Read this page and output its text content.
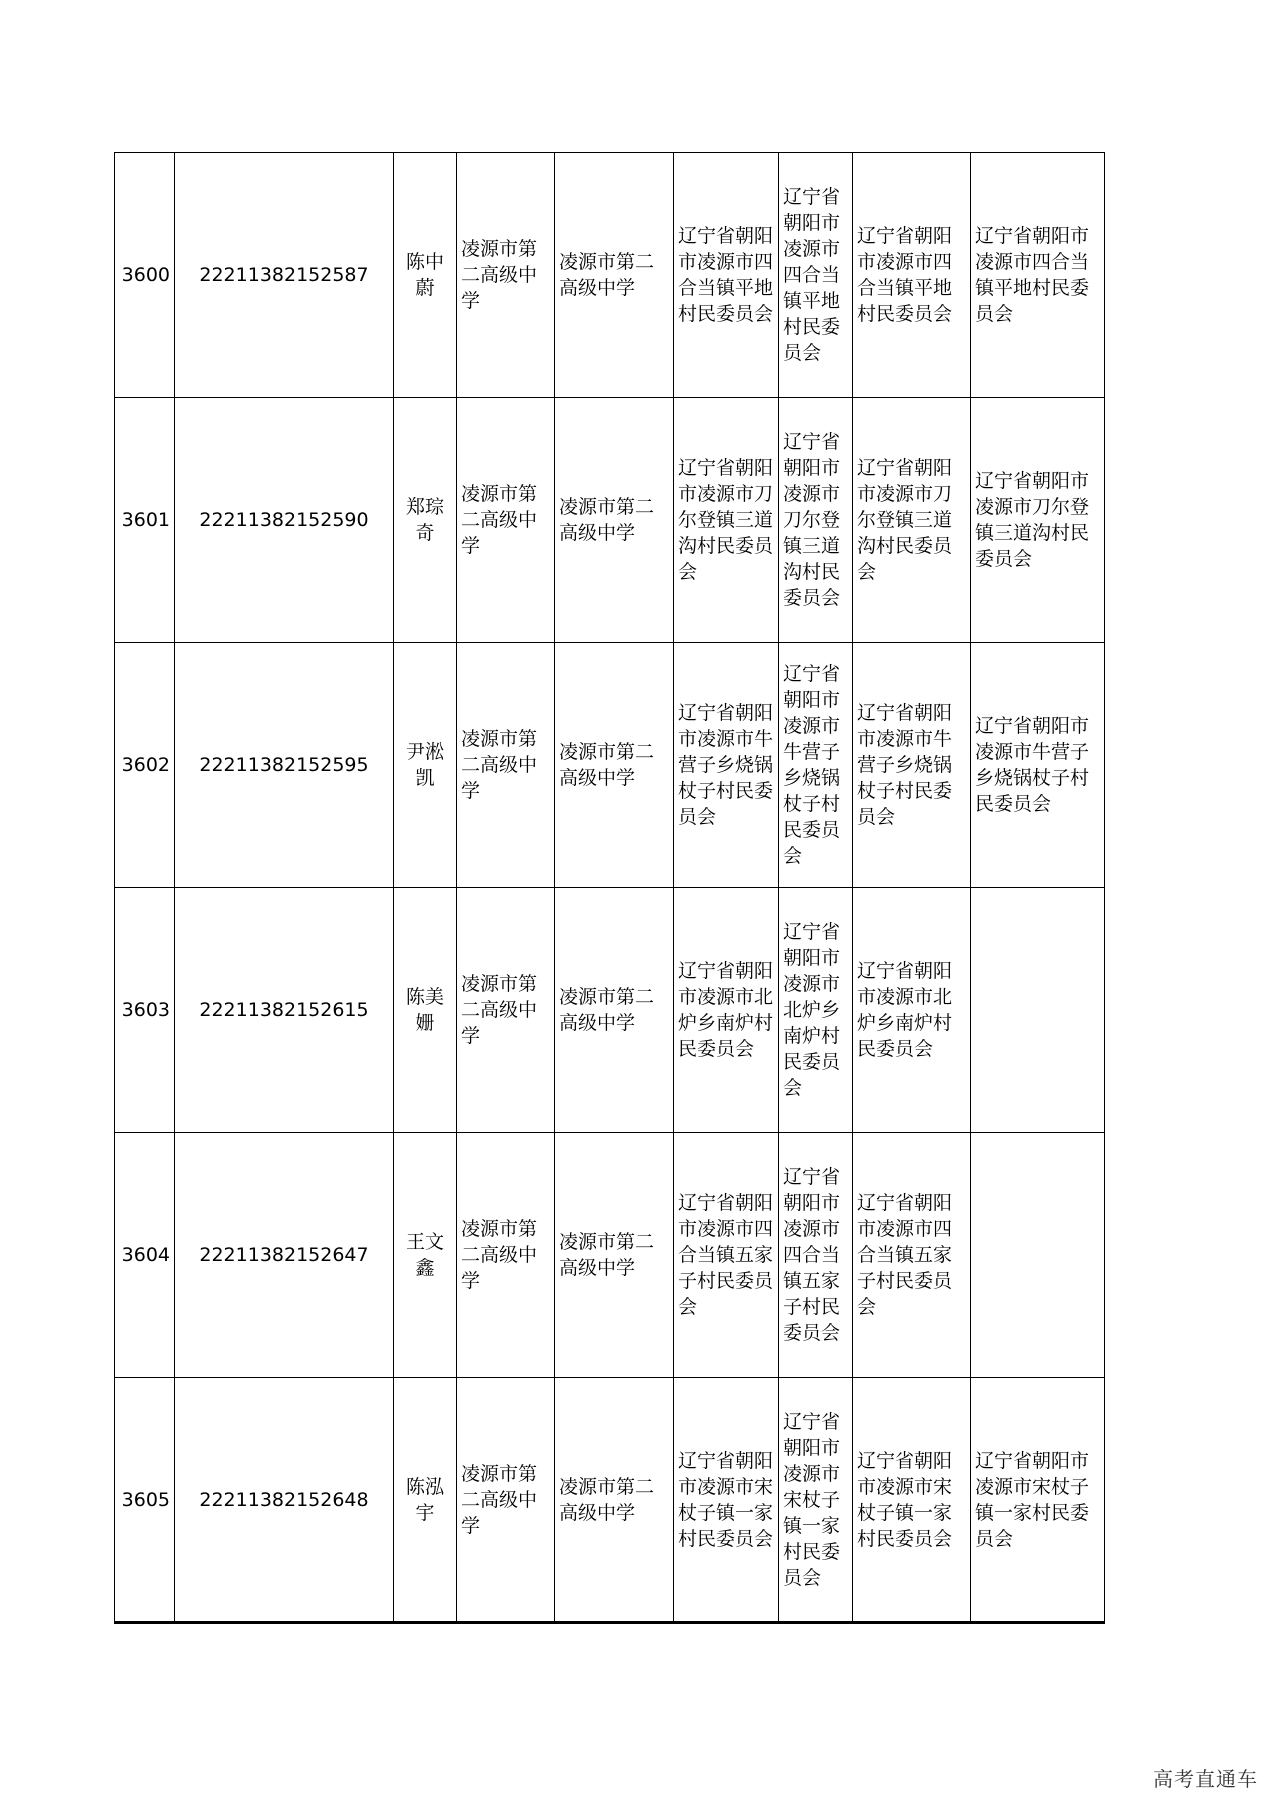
3600	22211382152587	陈中蔚	凌源市第二高级中学	凌源市第二高级中学	辽宁省朝阳市凌源市四合当镇平地村民委员会	辽宁省朝阳市凌源市四合当镇平地村民委员会	辽宁省朝阳市凌源市四合当镇平地村民委员会	辽宁省朝阳市凌源市四合当镇平地村民委员会
3601	22211382152590	郑琮奇	凌源市第二高级中学	凌源市第二高级中学	辽宁省朝阳市凌源市刀尔登镇三道沟村民委员会	辽宁省朝阳市凌源市刀尔登镇三道沟村民委员会	辽宁省朝阳市凌源市刀尔登镇三道沟村民委员会	辽宁省朝阳市凌源市刀尔登镇三道沟村民委员会
3602	22211382152595	尹淞凯	凌源市第二高级中学	凌源市第二高级中学	辽宁省朝阳市凌源市牛营子乡烧锅杖子村民委员会	辽宁省朝阳市凌源市牛营子乡烧锅杖子村民委员会	辽宁省朝阳市凌源市牛营子乡烧锅杖子村民委员会	辽宁省朝阳市凌源市牛营子乡烧锅杖子村民委员会
3603	22211382152615	陈美姗	凌源市第二高级中学	凌源市第二高级中学	辽宁省朝阳市凌源市北炉乡南炉村民委员会	辽宁省朝阳市凌源市北炉乡南炉村民委员会	辽宁省朝阳市凌源市北炉乡南炉村民委员会	
3604	22211382152647	王文鑫	凌源市第二高级中学	凌源市第二高级中学	辽宁省朝阳市凌源市四合当镇五家子村民委员会	辽宁省朝阳市凌源市四合当镇五家子村民委员会	辽宁省朝阳市凌源市四合当镇五家子村民委员会	
3605	22211382152648	陈泓宇	凌源市第二高级中学	凌源市第二高级中学	辽宁省朝阳市凌源市宋杖子镇一家村民委员会	辽宁省朝阳市凌源市宋杖子镇一家村民委员会	辽宁省朝阳市凌源市宋杖子镇一家村民委员会	辽宁省朝阳市凌源市宋杖子镇一家村民委员会
高考直通车
